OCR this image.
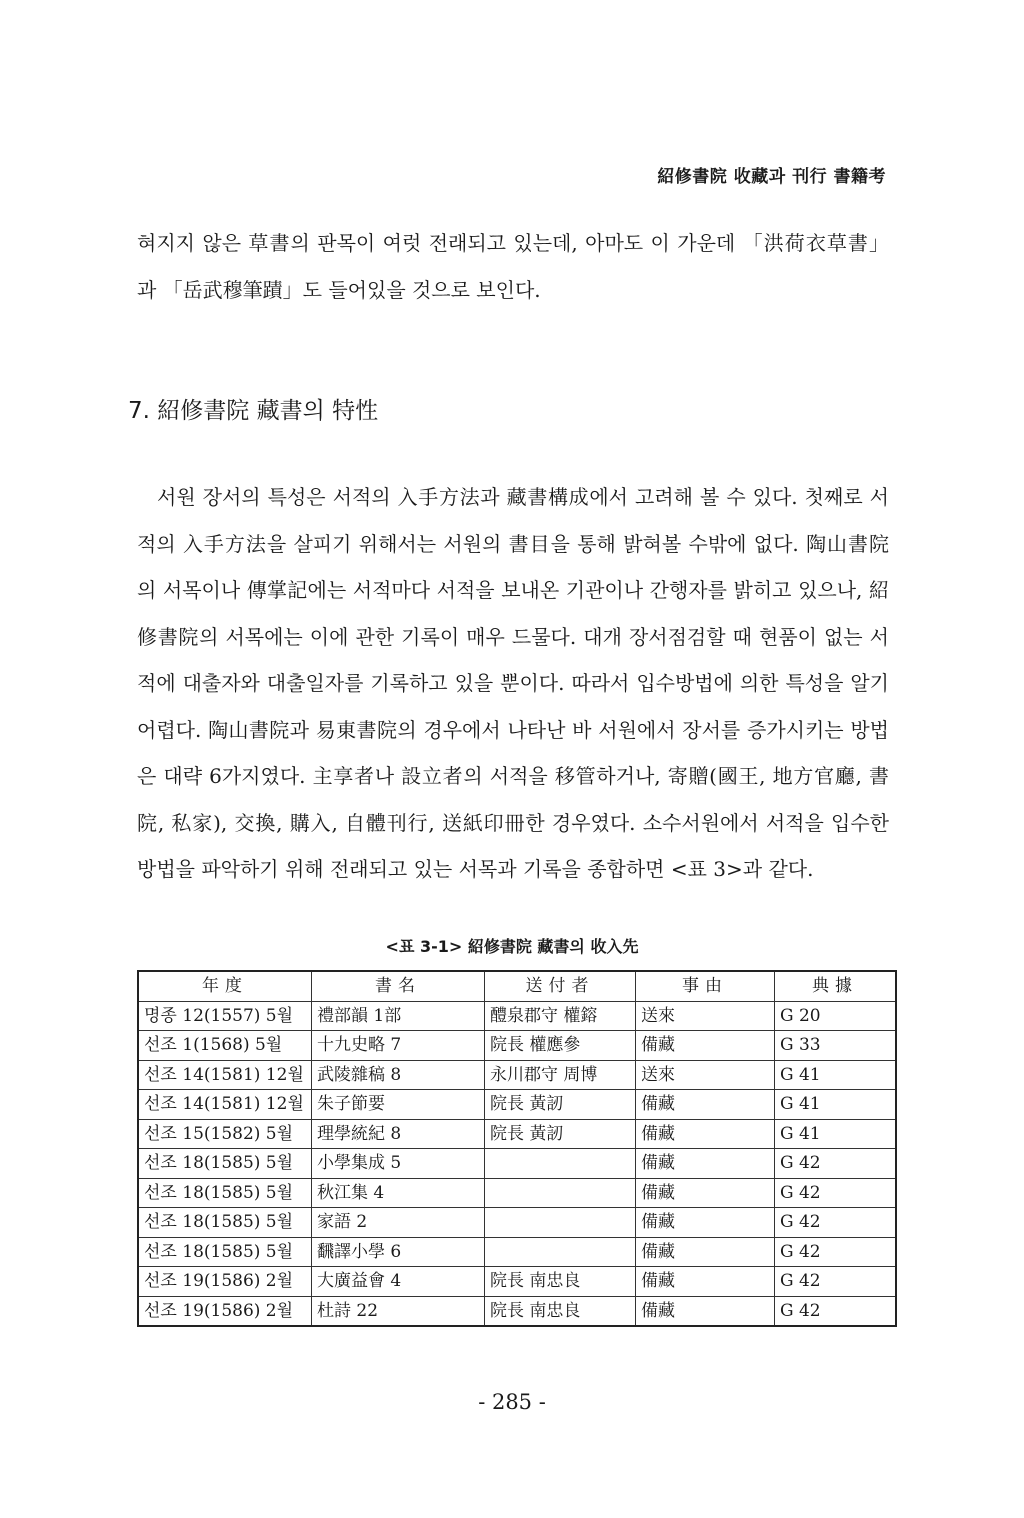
紹修書院 收藏과 刊行 書籍考

혀지지 않은 草書의 판목이 여럿 전래되고 있는데, 아마도 이 가운데 「洪荷衣草書」과 「岳武穆筆蹟」도 들어있을 것으로 보인다.

7. 紹修書院 藏書의 特性

서원 장서의 특성은 서적의 入手方法과 藏書構成에서 고려해 볼 수 있다. 첫째로 서적의 入手方法을 살피기 위해서는 서원의 書目을 통해 밝혀볼 수밖에 없다. 陶山書院의 서목이나 傳掌記에는 서적마다 서적을 보내온 기관이나 간행자를 밝히고 있으나, 紹修書院의 서목에는 이에 관한 기록이 매우 드물다. 대개 장서점검할 때 현품이 없는 서적에 대출자와 대출일자를 기록하고 있을 뿐이다. 따라서 입수방법에 의한 특성을 알기 어렵다. 陶山書院과 易東書院의 경우에서 나타난 바 서원에서 장서를 증가시키는 방법은 대략 6가지였다. 主享者나 設立者의 서적을 移管하거나, 寄贈(國王, 地方官廳, 書院, 私家), 交換, 購入, 自體刊行, 送紙印冊한 경우였다. 소수서원에서 서적을 입수한 방법을 파악하기 위해 전래되고 있는 서목과 기록을 종합하면 <표 3>과 같다.

<표 3-1> 紹修書院 藏書의 收入先
年度	書名	送付者	事由	典據
명종 12(1557) 5월	禮部韻 1部	醴泉郡守 權鎔	送來	G 20
선조 1(1568) 5월	十九史略 7	院長 權應參	備藏	G 33
선조 14(1581) 12월	武陵雜稿 8	永川郡守 周博	送來	G 41
선조 14(1581) 12월	朱子節要	院長 黃訒	備藏	G 41
선조 15(1582) 5월	理學統紀 8	院長 黃訒	備藏	G 41
선조 18(1585) 5월	小學集成 5		備藏	G 42
선조 18(1585) 5월	秋江集 4		備藏	G 42
선조 18(1585) 5월	家語 2		備藏	G 42
선조 18(1585) 5월	飜譯小學 6		備藏	G 42
선조 19(1586) 2월	大廣益會 4	院長 南忠良	備藏	G 42
선조 19(1586) 2월	杜詩 22	院長 南忠良	備藏	G 42
- 285 -
